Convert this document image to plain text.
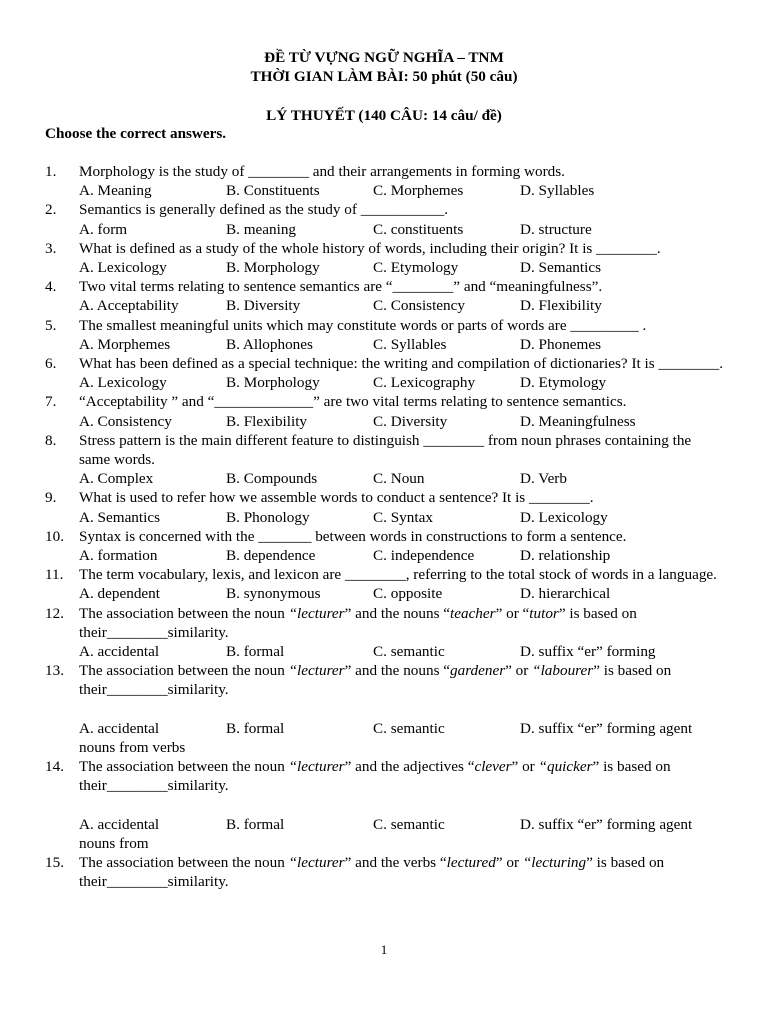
ĐỀ TỪ VỰNG NGỮ NGHĨA – TNM
THỜI GIAN LÀM BÀI: 50 phút (50 câu)
LÝ THUYẾT (140 CÂU: 14 câu/ đề)
Choose the correct answers.
1. Morphology is the study of ________ and their arrangements in forming words.
A. Meaning	B. Constituents	C. Morphemes	D. Syllables
2. Semantics is generally defined as the study of ___________.
A. form	B. meaning	C. constituents	D. structure
3. What is defined as a study of the whole history of words, including their origin? It is ________.
A. Lexicology	B. Morphology	C. Etymology	D. Semantics
4. Two vital terms relating to sentence semantics are “________” and “meaningfulness”.
A. Acceptability	B. Diversity	C. Consistency	D. Flexibility
5. The smallest meaningful units which may constitute words or parts of words are _________ .
A. Morphemes	B. Allophones	C. Syllables	D. Phonemes
6. What has been defined as a special technique: the writing and compilation of dictionaries? It is ________.
A. Lexicology	B. Morphology	C. Lexicography	D. Etymology
7. “Acceptability ” and “_____________” are two vital terms relating to sentence semantics.
A. Consistency	B. Flexibility	C. Diversity	D. Meaningfulness
8. Stress pattern is the main different feature to distinguish ________ from noun phrases containing the same words.
A. Complex	B. Compounds	C. Noun	D. Verb
9. What is used to refer how we assemble words to conduct a sentence? It is ________.
A. Semantics	B. Phonology	C. Syntax	D. Lexicology
10. Syntax is concerned with the _______ between words in constructions to form a sentence.
A. formation	B. dependence	C. independence	D. relationship
11. The term vocabulary, lexis, and lexicon are ________, referring to the total stock of words in a language.
A. dependent	B. synonymous	C. opposite	D. hierarchical
12. The association between the noun “lecturer” and the nouns “teacher” or “tutor” is based on their________similarity.
A. accidental	B. formal	C. semantic	D. suffix “er” forming
13. The association between the noun “lecturer” and the nouns “gardener” or “labourer” is based on their________similarity.
A. accidental	B. formal	C. semantic	D. suffix “er” forming agent
nouns from verbs
14. The association between the noun “lecturer” and the adjectives “clever” or “quicker” is based on their________similarity.
A. accidental	B. formal	C. semantic	D. suffix “er” forming agent
nouns from
15. The association between the noun “lecturer” and the verbs “lectured” or “lecturing” is based on their________similarity.
1
